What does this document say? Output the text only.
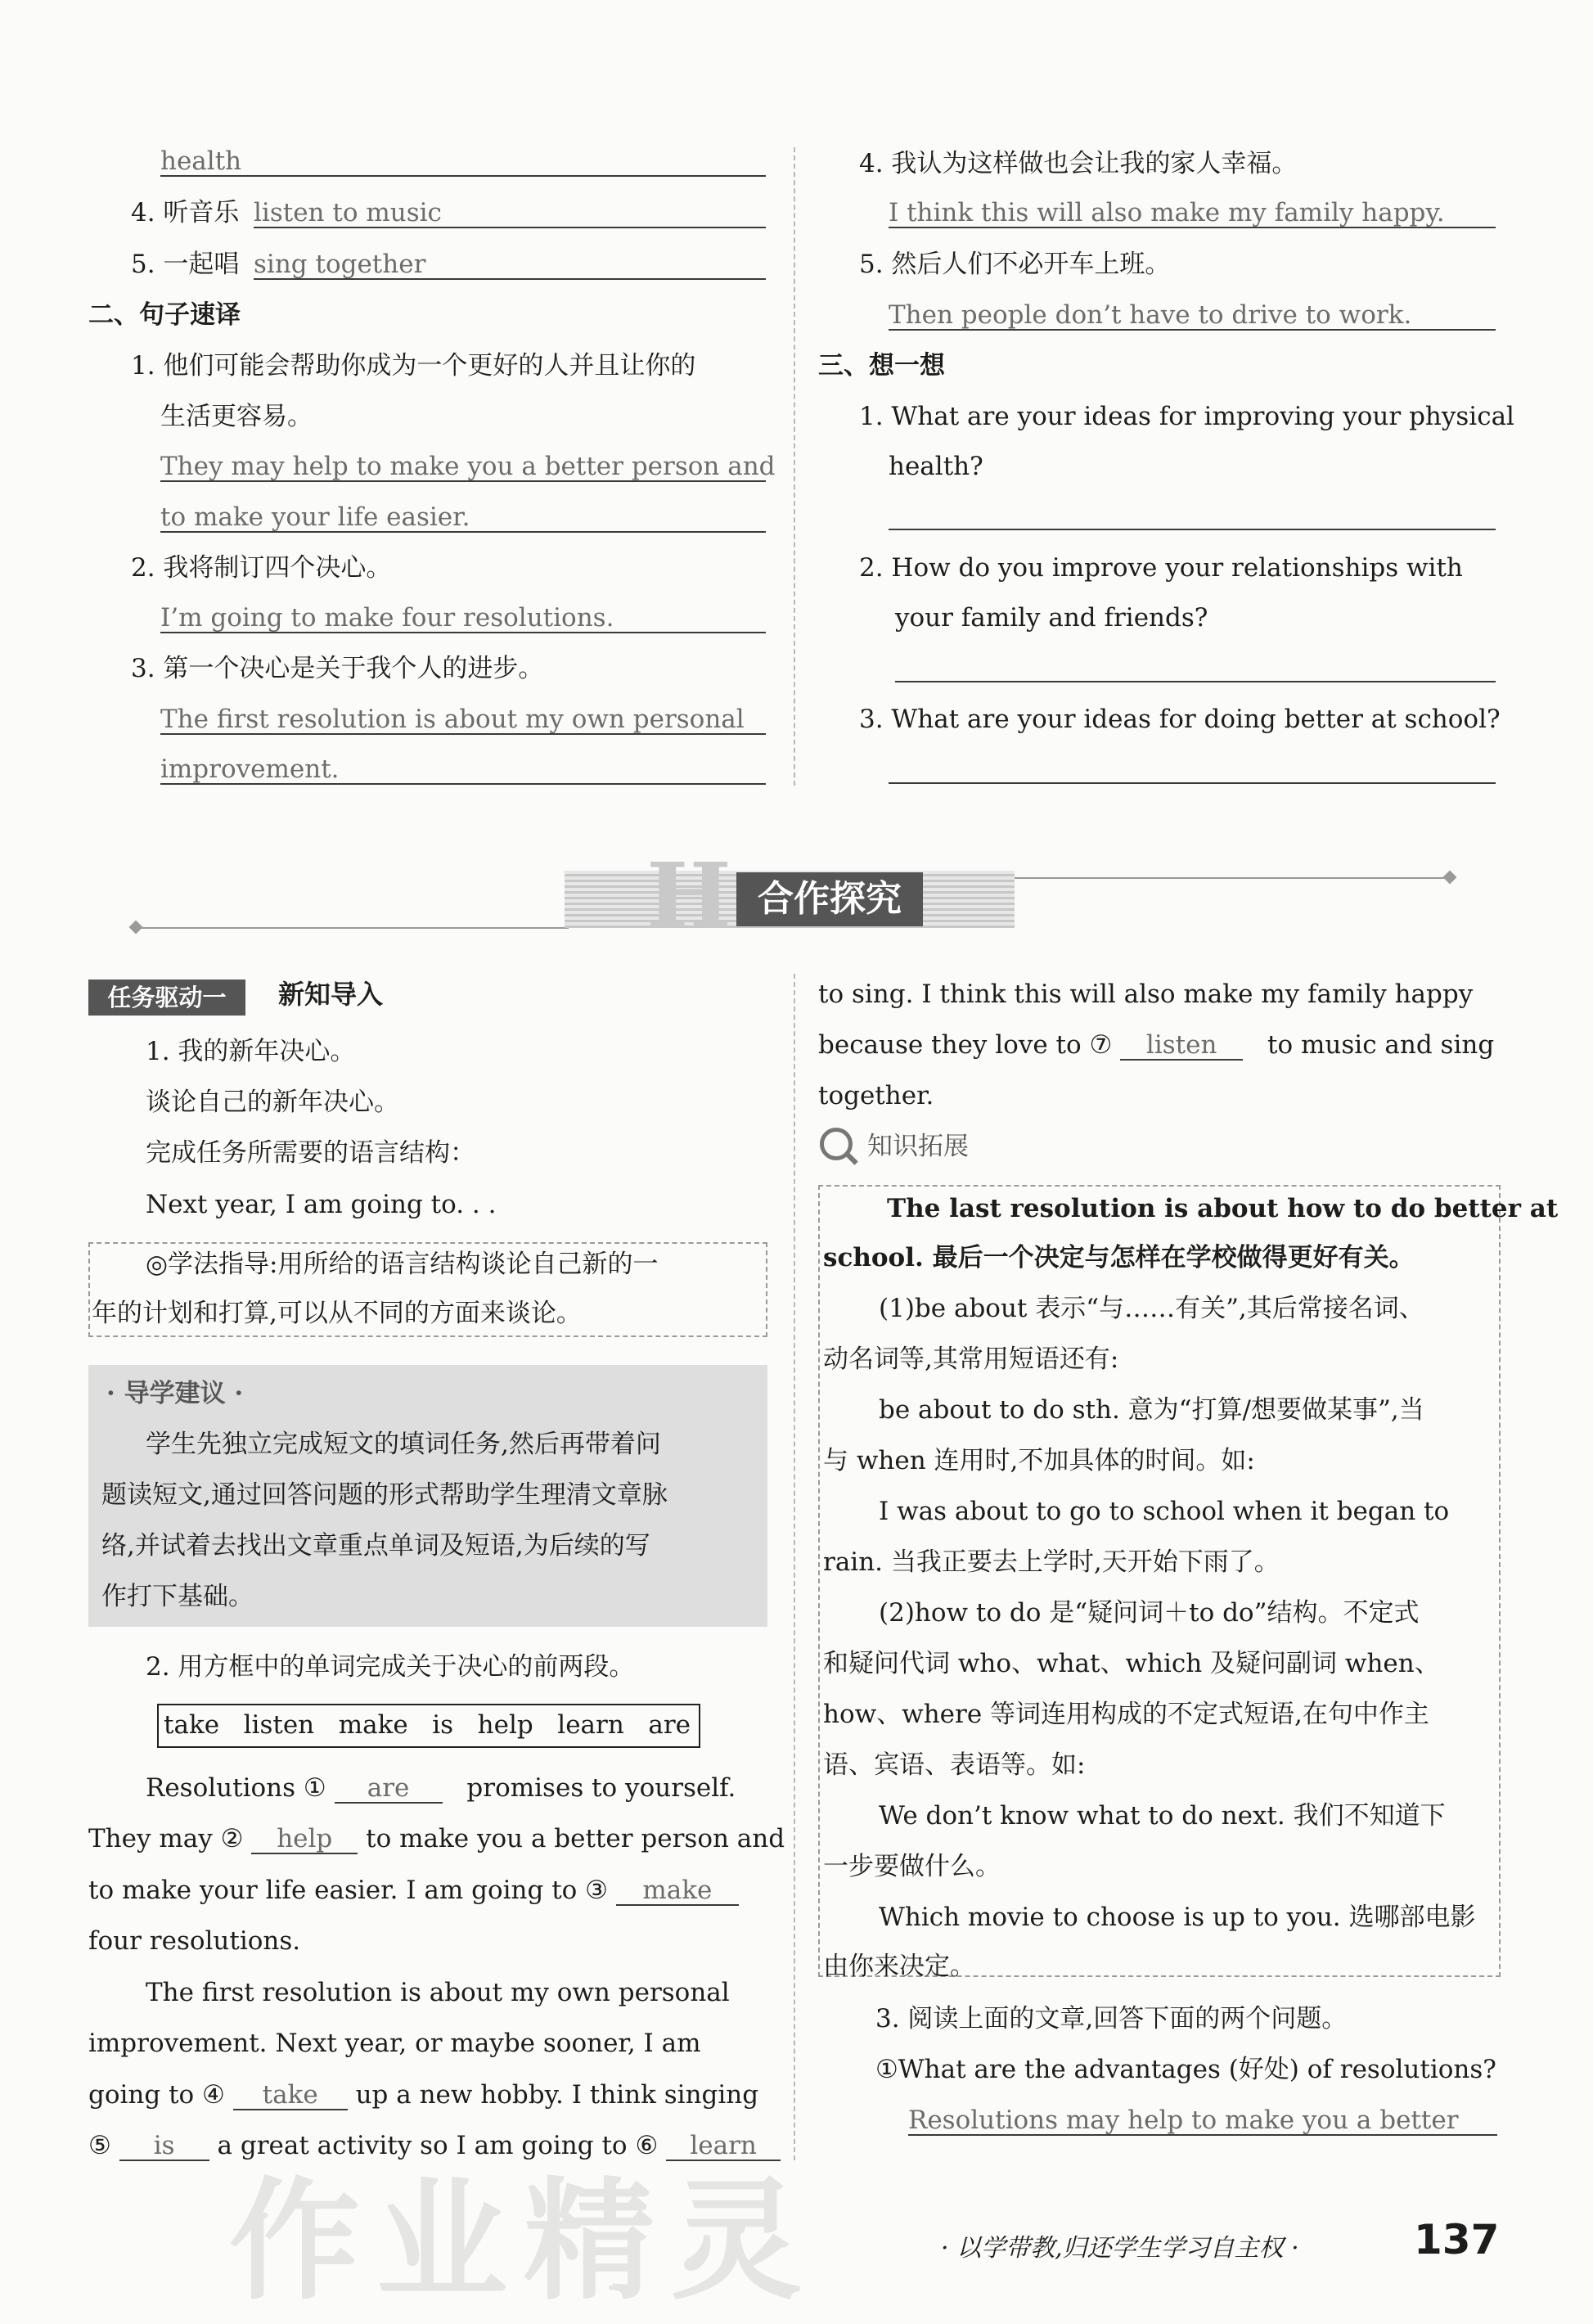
health
4. 听音乐 listen to music
5. 一起唱 sing together
二、句子速译
1. 他们可能会帮助你成为一个更好的人并且让你的
生活更容易。
They may help to make you a better person and
to make your life easier.
2. 我将制订四个决心。
I’m going to make four resolutions.
3. 第一个决心是关于我个人的进步。
The first resolution is about my own personal
improvement.
4. 我认为这样做也会让我的家人幸福。
I think this will also make my family happy.
5. 然后人们不必开车上班。
Then people don’t have to drive to work.
三、想一想
1. What are your ideas for improving your physical
health?
2. How do you improve your relationships with
your family and friends?
3. What are your ideas for doing better at school?
H 合作探究
任务驱动一	新知导入
1. 我的新年决心。
谈论自己的新年决心。
完成任务所需要的语言结构：
Next year, I am going to. . .
◎学法指导:用所给的语言结构谈论自己新的一
年的计划和打算,可以从不同的方面来谈论。
· 导学建议 ·
学生先独立完成短文的填词任务,然后再带着问
题读短文,通过回答问题的形式帮助学生理清文章脉
络,并试着去找出文章重点单词及短语,为后续的写
作打下基础。
2. 用方框中的单词完成关于决心的前两段。
take   listen   make   is   help   learn   are
Resolutions ① are promises to yourself.
They may ② help to make you a better person and
to make your life easier. I am going to ③ make
four resolutions.
The first resolution is about my own personal
improvement. Next year, or maybe sooner, I am
going to ④ take up a new hobby. I think singing
⑤ is a great activity so I am going to ⑥ learn
to sing. I think this will also make my family happy
because they love to ⑦ listen to music and sing
together.
知识拓展
The last resolution is about how to do better at
school. 最后一个决定与怎样在学校做得更好有关。
(1)be about 表示“与……有关”,其后常接名词、
动名词等,其常用短语还有:
be about to do sth. 意为“打算/想要做某事”,当
与 when 连用时,不加具体的时间。如:
I was about to go to school when it began to
rain. 当我正要去上学时,天开始下雨了。
(2)how to do 是“疑问词＋to do”结构。不定式
和疑问代词 who、what、which 及疑问副词 when、
how、where 等词连用构成的不定式短语,在句中作主
语、宾语、表语等。如:
We don’t know what to do next. 我们不知道下
一步要做什么。
Which movie to choose is up to you. 选哪部电影
由你来决定。
3. 阅读上面的文章,回答下面的两个问题。
①What are the advantages (好处) of resolutions?
Resolutions may help to make you a better
· 以学带教,归还学生学习自主权 ·	137
作业精灵
